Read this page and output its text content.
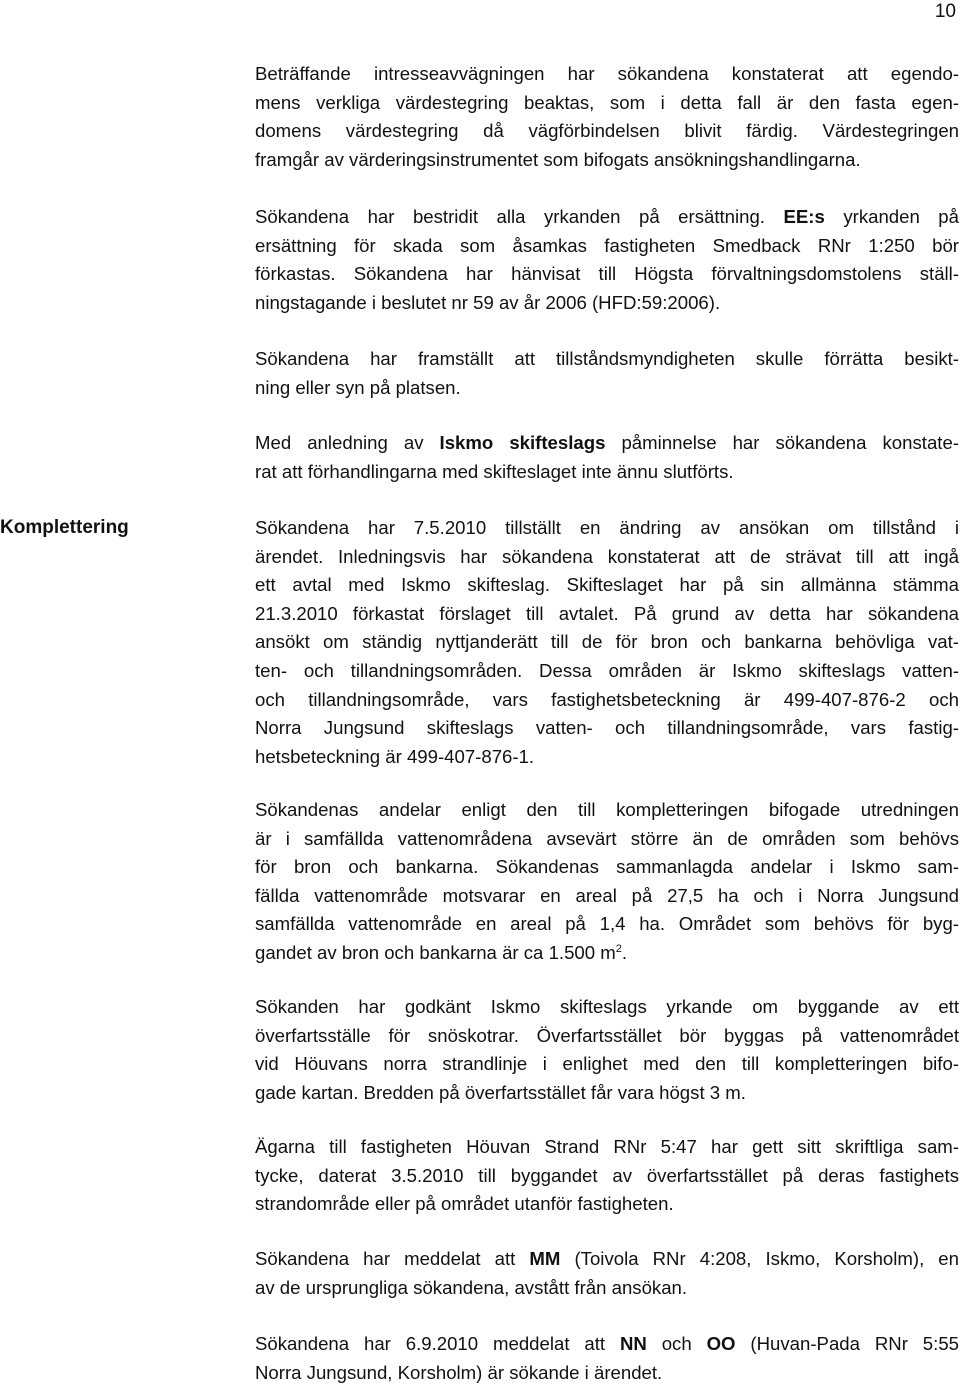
10
Beträffande intresseavvägningen har sökandena konstaterat att egendo-
mens verkliga värdestegring beaktas, som i detta fall är den fasta egen-
domens värdestegring då vägförbindelsen blivit färdig. Värdestegringen
framgår av värderingsinstrumentet som bifogats ansökningshandlingarna.
Sökandena har bestridit alla yrkanden på ersättning. EE:s yrkanden på
ersättning för skada som åsamkas fastigheten Smedback RNr 1:250 bör
förkastas. Sökandena har hänvisat till Högsta förvaltningsdomstolens ställ-
ningstagande i beslutet nr 59 av år 2006 (HFD:59:2006).
Sökandena har framställt att tillståndsmyndigheten skulle förrätta besikt-
ning eller syn på platsen.
Med anledning av Iskmo skifteslags påminnelse har sökandena konstate-
rat att förhandlingarna med skifteslaget inte ännu slutförts.
Komplettering	Sökandena har 7.5.2010 tillställt en ändring av ansökan om tillstånd i
ärendet. Inledningsvis har sökandena konstaterat att de strävat till att ingå
ett avtal med Iskmo skifteslag. Skifteslaget har på sin allmänna stämma
21.3.2010 förkastat förslaget till avtalet. På grund av detta har sökandena
ansökt om ständig nyttjanderätt till de för bron och bankarna behövliga vat-
ten- och tillandningsområden. Dessa områden är Iskmo skifteslags vatten-
och tillandningsområde, vars fastighetsbeteckning är 499-407-876-2 och
Norra Jungsund skifteslags vatten- och tillandningsområde, vars fastig-
hetsbeteckning är 499-407-876-1.
Sökandenas andelar enligt den till kompletteringen bifogade utredningen
är i samfällda vattenområdena avsevärt större än de områden som behövs
för bron och bankarna. Sökandenas sammanlagda andelar i Iskmo sam-
fällda vattenområde motsvarar en areal på 27,5 ha och i Norra Jungsund
samfällda vattenområde en areal på 1,4 ha. Området som behövs för byg-
gandet av bron och bankarna är ca 1.500 $m^2$.
Sökanden har godkänt Iskmo skifteslags yrkande om byggande av ett
överfartsställe för snöskotrar. Överfartsstället bör byggas på vattenområdet
vid Höuvans norra strandlinje i enlighet med den till kompletteringen bifo-
gade kartan. Bredden på överfartsstället får vara högst 3 m.
Ägarna till fastigheten Höuvan Strand RNr 5:47 har gett sitt skriftliga sam-
tycke, daterat 3.5.2010 till byggandet av överfartsstället på deras fastighets
strandområde eller på området utanför fastigheten.
Sökandena har meddelat att MM (Toivola RNr 4:208, Iskmo, Korsholm), en
av de ursprungliga sökandena, avstått från ansökan.
Sökandena har 6.9.2010 meddelat att NN och OO (Huvan-Pada RNr 5:55
Norra Jungsund, Korsholm) är sökande i ärendet.
